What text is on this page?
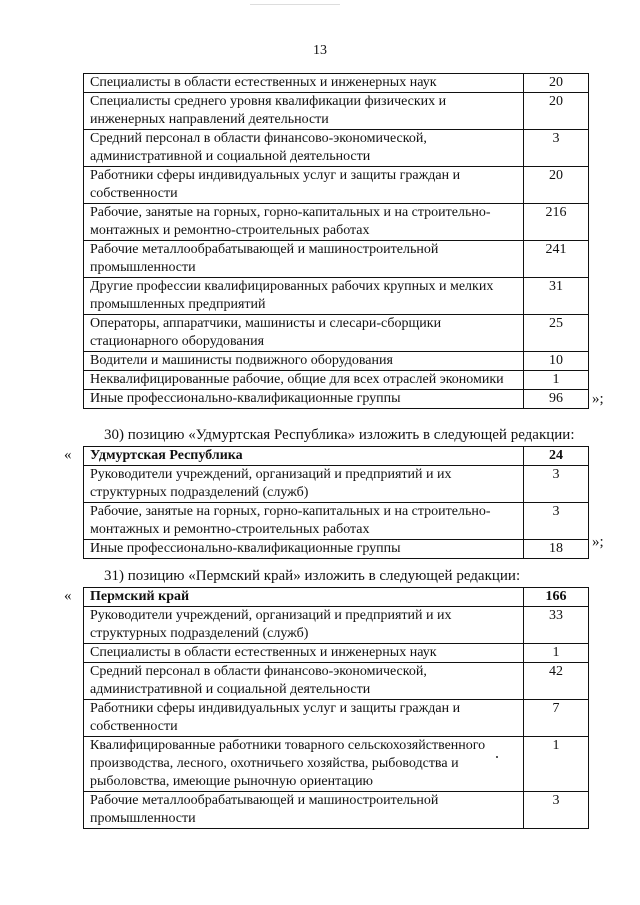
13
Специалисты в области естественных и инженерных наук	20
Специалисты среднего уровня квалификации физических и инженерных направлений деятельности	20
Средний персонал в области финансово-экономической, административной и социальной деятельности	3
Работники сферы индивидуальных услуг и защиты граждан и собственности	20
Рабочие, занятые на горных, горно-капитальных и на строительно-монтажных и ремонтно-строительных работах	216
Рабочие металлообрабатывающей и машиностроительной промышленности	241
Другие профессии квалифицированных рабочих крупных и мелких промышленных предприятий	31
Операторы, аппаратчики, машинисты и слесари-сборщики стационарного оборудования	25
Водители и машинисты подвижного оборудования	10
Неквалифицированные рабочие, общие для всех отраслей экономики	1
Иные профессионально-квалификационные группы	96 »;
30) позицию «Удмуртская Республика» изложить в следующей редакции:
« Удмуртская Республика	24
Руководители учреждений, организаций и предприятий и их структурных подразделений (служб)	3
Рабочие, занятые на горных, горно-капитальных и на строительно-монтажных и ремонтно-строительных работах	3
Иные профессионально-квалификационные группы	18 »;
31) позицию «Пермский край» изложить в следующей редакции:
« Пермский край	166
Руководители учреждений, организаций и предприятий и их структурных подразделений (служб)	33
Специалисты в области естественных и инженерных наук	1
Средний персонал в области финансово-экономической, административной и социальной деятельности	42
Работники сферы индивидуальных услуг и защиты граждан и собственности	7
Квалифицированные работники товарного сельскохозяйственного производства, лесного, охотничьего хозяйства, рыбоводства и рыболовства, имеющие рыночную ориентацию	1
Рабочие металлообрабатывающей и машиностроительной промышленности	3
